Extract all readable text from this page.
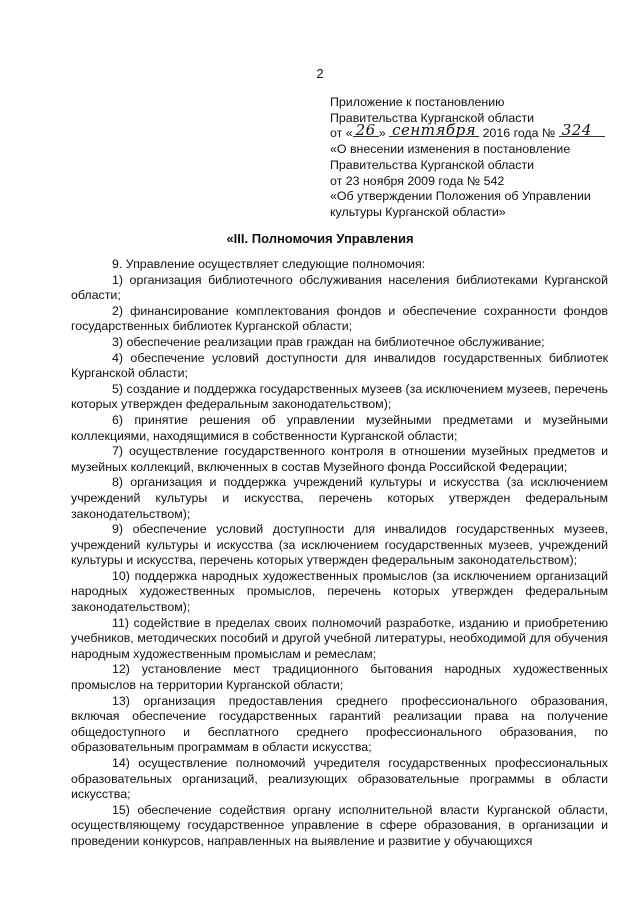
2
Приложение к постановлению
Правительства Курганской области
от « 26 » сентября 2016 года № 324
«О внесении изменения в постановление
Правительства Курганской области
от 23 ноября 2009 года № 542
«Об утверждении Положения об Управлении
культуры Курганской области»
«III. Полномочия Управления

9. Управление осуществляет следующие полномочия:

1) организация библиотечного обслуживания населения библиотеками Курганской области;

2) финансирование комплектования фондов и обеспечение сохранности фондов государственных библиотек Курганской области;

3) обеспечение реализации прав граждан на библиотечное обслуживание;

4) обеспечение условий доступности для инвалидов государственных библиотек Курганской области;

5) создание и поддержка государственных музеев (за исключением музеев, перечень которых утвержден федеральным законодательством);

6) принятие решения об управлении музейными предметами и музейными коллекциями, находящимися в собственности Курганской области;

7) осуществление государственного контроля в отношении музейных предметов и музейных коллекций, включенных в состав Музейного фонда Российской Федерации;

8) организация и поддержка учреждений культуры и искусства (за исключением учреждений культуры и искусства, перечень которых утвержден федеральным законодательством);

9) обеспечение условий доступности для инвалидов государственных музеев, учреждений культуры и искусства (за исключением государственных музеев, учреждений культуры и искусства, перечень которых утвержден федеральным законодательством);

10) поддержка народных художественных промыслов (за исключением организаций народных художественных промыслов, перечень которых утвержден федеральным законодательством);

11) содействие в пределах своих полномочий разработке, изданию и приобретению учебников, методических пособий и другой учебной литературы, необходимой для обучения народным художественным промыслам и ремеслам;

12) установление мест традиционного бытования народных художественных промыслов на территории Курганской области;

13) организация предоставления среднего профессионального образования, включая обеспечение государственных гарантий реализации права на получение общедоступного и бесплатного среднего профессионального образования, по образовательным программам в области искусства;

14) осуществление полномочий учредителя государственных профессиональных образовательных организаций, реализующих образовательные программы в области искусства;

15) обеспечение содействия органу исполнительной власти Курганской области, осуществляющему государственное управление в сфере образования, в организации и проведении конкурсов, направленных на выявление и развитие у обучающихся
